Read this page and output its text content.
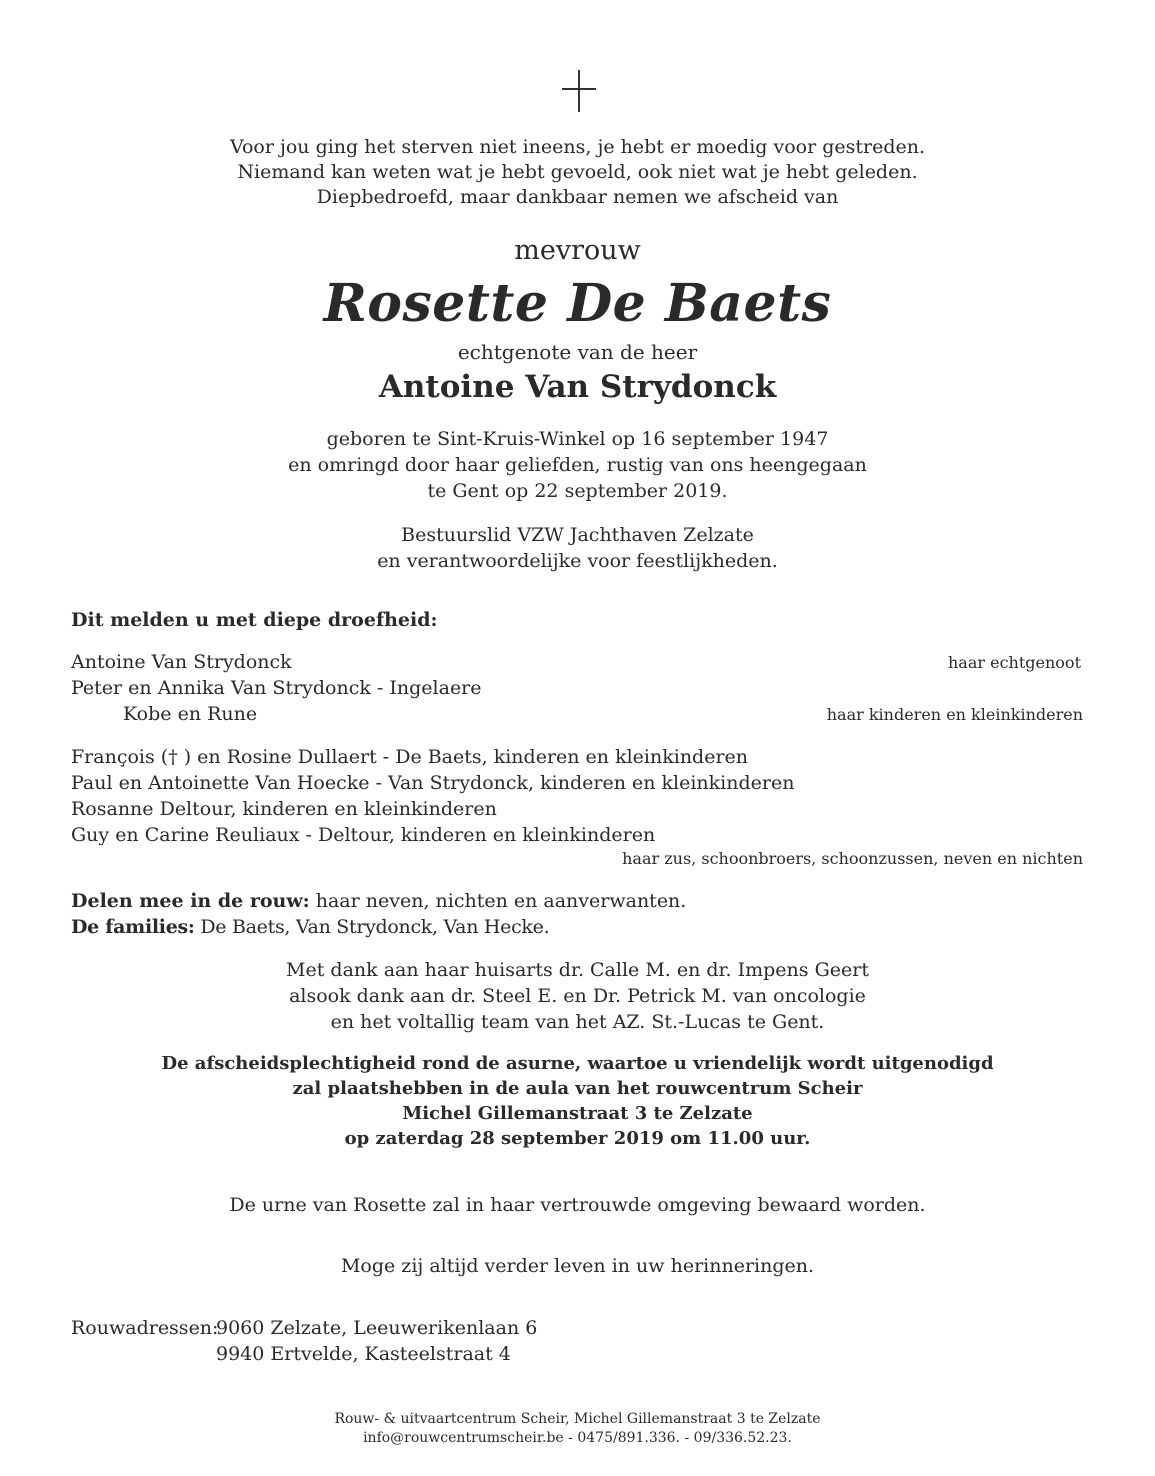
Voor jou ging het sterven niet ineens, je hebt er moedig voor gestreden.
Niemand kan weten wat je hebt gevoeld, ook niet wat je hebt geleden.
Diepbedroefd, maar dankbaar nemen we afscheid van
mevrouw
Rosette De Baets
echtgenote van de heer
Antoine Van Strydonck
geboren te Sint-Kruis-Winkel op 16 september 1947
en omringd door haar geliefden, rustig van ons heengegaan
te Gent op 22 september 2019.
Bestuurslid VZW Jachthaven Zelzate
en verantwoordelijke voor feestlijkheden.
Dit melden u met diepe droefheid:
Antoine Van Strydonck	haar echtgenoot
Peter en Annika Van Strydonck - Ingelaere
Kobe en Rune	haar kinderen en kleinkinderen
François († ) en Rosine Dullaert - De Baets, kinderen en kleinkinderen
Paul en Antoinette Van Hoecke - Van Strydonck, kinderen en kleinkinderen
Rosanne Deltour, kinderen en kleinkinderen
Guy en Carine Reuliaux - Deltour, kinderen en kleinkinderen
haar zus, schoonbroers, schoonzussen, neven en nichten
Delen mee in de rouw: haar neven, nichten en aanverwanten.
De families: De Baets, Van Strydonck, Van Hecke.
Met dank aan haar huisarts dr. Calle M. en dr. Impens Geert
alsook dank aan dr. Steel E. en Dr. Petrick M. van oncologie
en het voltallig team van het AZ. St.-Lucas te Gent.
De afscheidsplechtigheid rond de asurne, waartoe u vriendelijk wordt uitgenodigd
zal plaatshebben in de aula van het rouwcentrum Scheir
Michel Gillemanstraat 3 te Zelzate
op zaterdag 28 september 2019 om 11.00 uur.
De urne van Rosette zal in haar vertrouwde omgeving bewaard worden.
Moge zij altijd verder leven in uw herinneringen.
Rouwadressen:
9060 Zelzate, Leeuwerikenlaan 6
9940 Ertvelde, Kasteelstraat 4
Rouw- & uitvaartcentrum Scheir, Michel Gillemanstraat 3 te Zelzate
info@rouwcentrumscheir.be - 0475/891.336. - 09/336.52.23.
